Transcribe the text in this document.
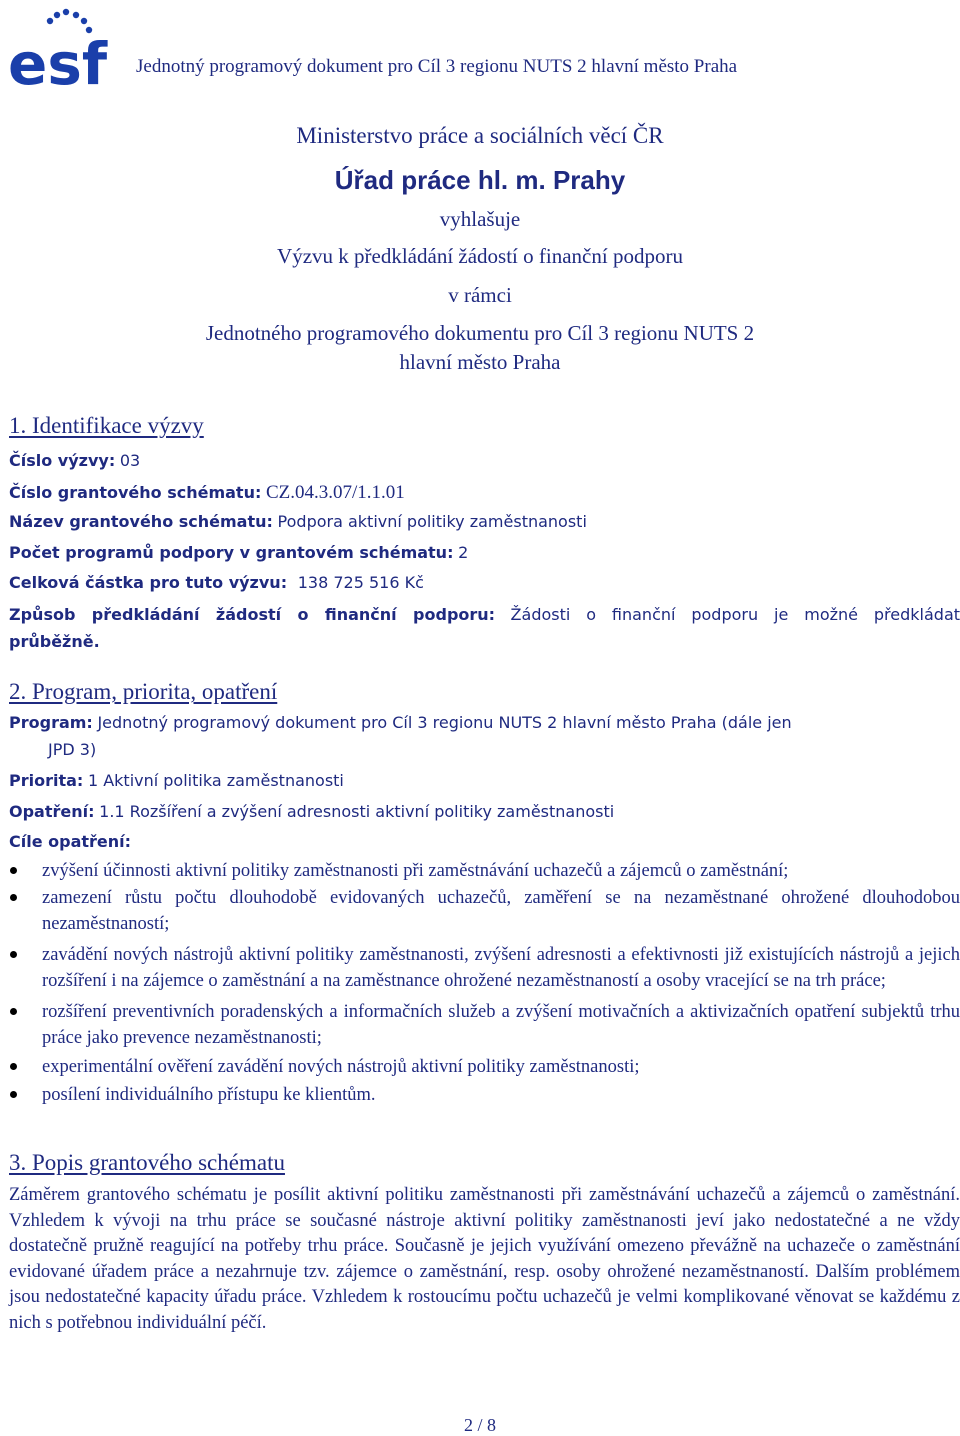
esf Jednotný programový dokument pro Cíl 3 regionu NUTS 2 hlavní město Praha
Ministerstvo práce a sociálních věcí ČR
Úřad práce hl. m. Prahy
vyhlašuje
Výzvu k předkládání žádostí o finanční podporu
v rámci
Jednotného programového dokumentu pro Cíl 3 regionu NUTS 2
hlavní město Praha
1. Identifikace výzvy
Číslo výzvy: 03
Číslo grantového schématu: CZ.04.3.07/1.1.01
Název grantového schématu: Podpora aktivní politiky zaměstnanosti
Počet programů podpory v grantovém schématu: 2
Celková částka pro tuto výzvu: 138 725 516 Kč
Způsob předkládání žádostí o finanční podporu: Žádosti o finanční podporu je možné předkládat
průběžně.
2. Program, priorita, opatření
Program: Jednotný programový dokument pro Cíl 3 regionu NUTS 2 hlavní město Praha (dále jen
JPD 3)
Priorita: 1 Aktivní politika zaměstnanosti
Opatření: 1.1 Rozšíření a zvýšení adresnosti aktivní politiky zaměstnanosti
Cíle opatření:
zvýšení účinnosti aktivní politiky zaměstnanosti při zaměstnávání uchazečů a zájemců o zaměstnání;
zamezení růstu počtu dlouhodobě evidovaných uchazečů, zaměření se na nezaměstnané ohrožené dlouhodobou nezaměstnaností;
zavádění nových nástrojů aktivní politiky zaměstnanosti, zvýšení adresnosti a efektivnosti již existujících nástrojů a jejich rozšíření i na zájemce o zaměstnání a na zaměstnance ohrožené nezaměstnaností a osoby vracející se na trh práce;
rozšíření preventivních poradenských a informačních služeb a zvýšení motivačních a aktivizačních opatření subjektů trhu práce jako prevence nezaměstnanosti;
experimentální ověření zavádění nových nástrojů aktivní politiky zaměstnanosti;
posílení individuálního přístupu ke klientům.
3. Popis grantového schématu
Záměrem grantového schématu je posílit aktivní politiku zaměstnanosti při zaměstnávání uchazečů a zájemců o zaměstnání. Vzhledem k vývoji na trhu práce se současné nástroje aktivní politiky zaměstnanosti jeví jako nedostatečné a ne vždy dostatečně pružně reagující na potřeby trhu práce. Současně je jejich využívání omezeno převážně na uchazeče o zaměstnání evidované úřadem práce a nezahrnuje tzv. zájemce o zaměstnání, resp. osoby ohrožené nezaměstnaností. Dalším problémem jsou nedostatečné kapacity úřadu práce. Vzhledem k rostoucímu počtu uchazečů je velmi komplikované věnovat se každému z nich s potřebnou individuální péčí.
2 / 8
